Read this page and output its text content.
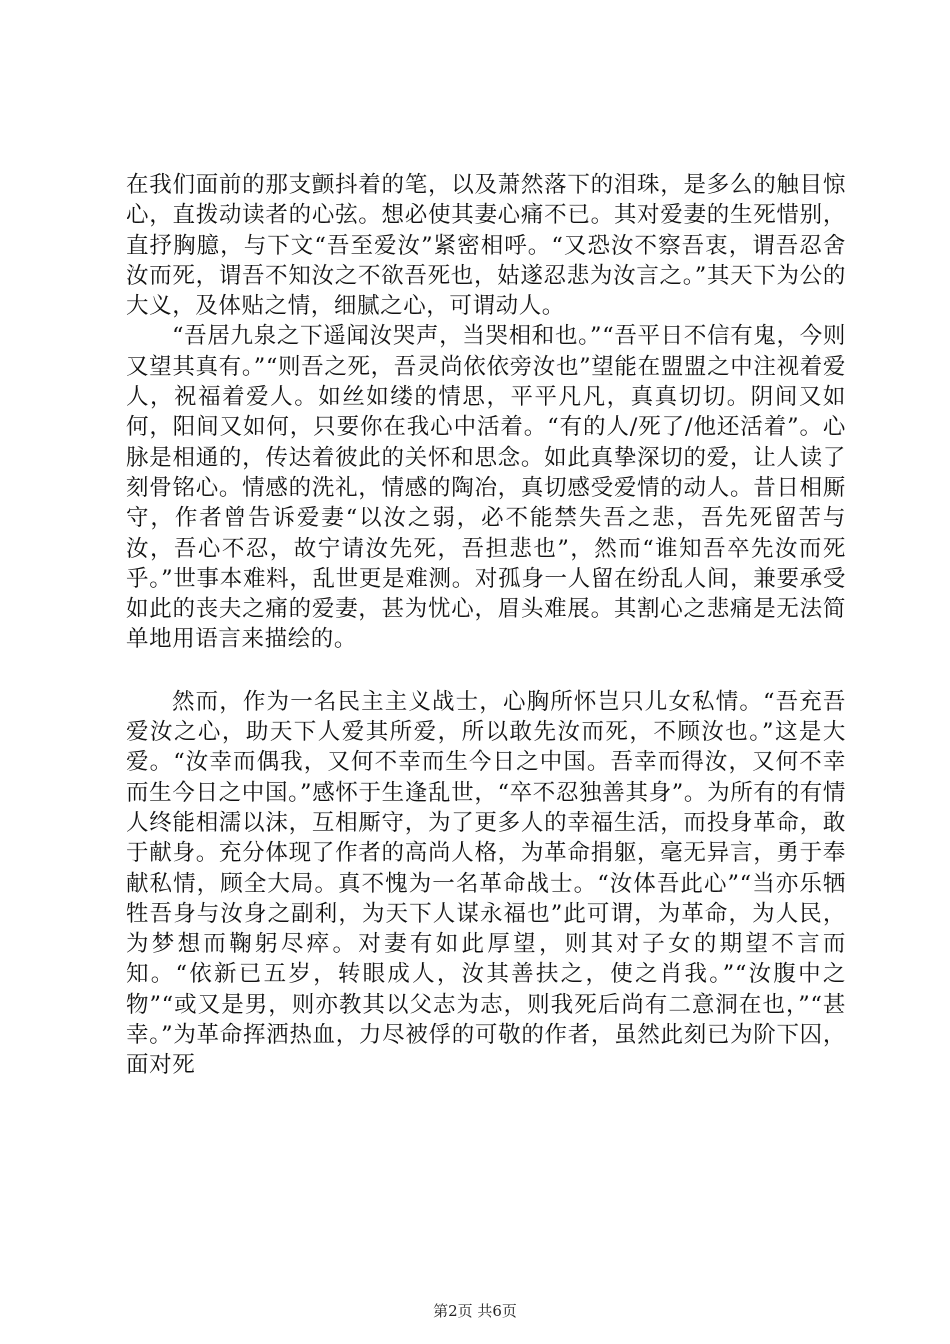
在我们面前的那支颤抖着的笔，以及萧然落下的泪珠，是多么的触目惊心，直拨动读者的心弦。想必使其妻心痛不已。其对爱妻的生死惜别，直抒胸臆，与下文“吾至爱汝”紧密相呼。“又恐汝不察吾衷，谓吾忍舍汝而死，谓吾不知汝之不欲吾死也，姑遂忍悲为汝言之。”其天下为公的大义，及体贴之情，细腻之心，可谓动人。

“吾居九泉之下遥闻汝哭声，当哭相和也。”“吾平日不信有鬼，今则又望其真有。”“则吾之死，吾灵尚依依旁汝也”望能在盟盟之中注视着爱人，祝福着爱人。如丝如缕的情思，平平凡凡，真真切切。阴间又如何，阳间又如何，只要你在我心中活着。“有的人/死了/他还活着”。心脉是相通的，传达着彼此的关怀和思念。如此真挚深切的爱，让人读了刻骨铭心。情感的洗礼，情感的陶冶，真切感受爱情的动人。昔日相厮守，作者曾告诉爱妻“以汝之弱，必不能禁失吾之悲，吾先死留苦与汝，吾心不忍，故宁请汝先死，吾担悲也”，然而“谁知吾卒先汝而死乎。”世事本难料，乱世更是难测。对孤身一人留在纷乱人间，兼要承受如此的丧夫之痛的爱妻，甚为忧心，眉头难展。其割心之悲痛是无法简单地用语言来描绘的。

然而，作为一名民主主义战士，心胸所怀岂只儿女私情。“吾充吾爱汝之心，助天下人爱其所爱，所以敢先汝而死，不顾汝也。”这是大爱。“汝幸而偶我，又何不幸而生今日之中国。吾幸而得汝，又何不幸而生今日之中国。”感怀于生逢乱世，“卒不忍独善其身”。为所有的有情人终能相濡以沫，互相厮守，为了更多人的幸福生活，而投身革命，敢于献身。充分体现了作者的高尚人格，为革命捐躯，毫无异言，勇于奉献私情，顾全大局。真不愧为一名革命战士。“汝体吾此心”“当亦乐牺牲吾身与汝身之副利，为天下人谋永福也”此可谓，为革命，为人民，为梦想而鞠躬尽瘁。对妻有如此厚望，则其对子女的期望不言而知。“依新已五岁，转眼成人，汝其善扶之，使之肖我。”“汝腹中之物”“或又是男，则亦教其以父志为志，则我死后尚有二意洞在也，”“甚幸。”为革命挥洒热血，力尽被俘的可敬的作者，虽然此刻已为阶下囚，面对死

第2页 共6页
